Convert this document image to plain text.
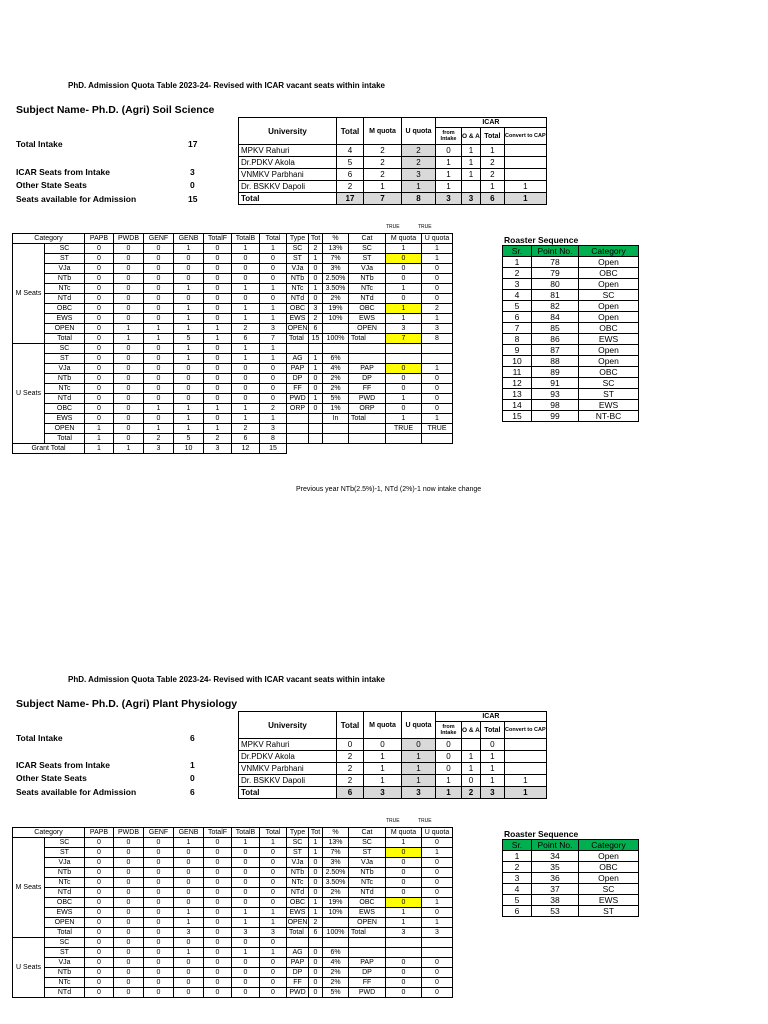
PhD. Admission Quota Table 2023-24- Revised with ICAR vacant seats within intake
Subject Name- Ph.D. (Agri) Soil Science
Total Intake	17
ICAR Seats from Intake	3
Other State Seats	0
Seats available for Admission	15
University	Total	M quota	U quota	ICAR			
				from Intake	O & A	Total	Convert to CAP
MPKV Rahuri	4	2	2	0	1	1	
Dr.PDKV Akola	5	2	2	1	1	2	
VNMKV Parbhani	6	2	3	1	1	2	
Dr. BSKKV Dapoli	2	1	1	1		1	1
Total	17	7	8	3	3	6	1
TRUE	TRUE
Category		PAPB	PWDB	GENF	GENB	TotalF	TotalB	Total	Type	Tot	%	Cat	M quota	U quota
M Seats	SC	0	0	0	1	0	1	1	SC	2	13%	SC	1	1
	ST	0	0	0	0	0	0	0	ST	1	7%	ST	0	1
	VJa	0	0	0	0	0	0	0	VJa	0	3%	VJa	0	0
	NTb	0	0	0	0	0	0	0	NTb	0	2.50%	NTb	0	0
	NTc	0	0	0	1	0	1	1	NTc	1	3.50%	NTc	1	0
	NTd	0	0	0	0	0	0	0	NTd	0	2%	NTd	0	0
	OBC	0	0	0	1	0	1	1	OBC	3	19%	OBC	1	2
	EWS	0	0	0	1	0	1	1	EWS	2	10%	EWS	1	1
	OPEN	0	1	1	1	1	2	3	OPEN	6		OPEN	3	3
	Total	0	1	1	5	1	6	7	Total	15	100%	Total	7	8
U Seats	SC	0	0	0	1	0	1	1						
	ST	0	0	0	1	0	1	1	AG	1	6%			
	VJa	0	0	0	0	0	0	0	PAP	1	4%	PAP	0	1
	NTb	0	0	0	0	0	0	0	DP	0	2%	DP	0	0
	NTc	0	0	0	0	0	0	0	FF	0	2%	FF	0	0
	NTd	0	0	0	0	0	0	0	PWD	1	5%	PWD	1	0
	OBC	0	0	1	1	1	1	2	ORP	0	1%	ORP	0	0
	EWS	0	0	0	1	0	1	1			In	Total	1	1
	OPEN	1	0	1	1	1	2	3					TRUE	TRUE
	Total	1	0	2	5	2	6	8						
Grant Total		1	1	3	10	3	12	15						
Previous year NTb(2.5%)-1, NTd (2%)-1 now intake change
Roaster Sequence
Sr.	Point No.	Category
1	78	Open
2	79	OBC
3	80	Open
4	81	SC
5	82	Open
6	84	Open
7	85	OBC
8	86	EWS
9	87	Open
10	88	Open
11	89	OBC
12	91	SC
13	93	ST
14	98	EWS
15	99	NT-BC
PhD. Admission Quota Table 2023-24- Revised with ICAR vacant seats within intake
Subject Name- Ph.D. (Agri) Plant Physiology
Total Intake	6
ICAR Seats from Intake	1
Other State Seats	0
Seats available for Admission	6
University	Total	M quota	U quota	ICAR			
				from Intake	O & A	Total	Convert to CAP
MPKV Rahuri	0	0	0	0		0	
Dr.PDKV Akola	2	1	1	0	1	1	
VNMKV Parbhani	2	1	1	0	1	1	
Dr. BSKKV Dapoli	2	1	1	1	0	1	1
Total	6	3	3	1	2	3	1
TRUE	TRUE
Category		PAPB	PWDB	GENF	GENB	TotalF	TotalB	Total	Type	Tot	%	Cat	M quota	U quota
M Seats	SC	0	0	0	1	0	1	1	SC	1	13%	SC	1	0
	ST	0	0	0	0	0	0	0	ST	1	7%	ST	0	1
	VJa	0	0	0	0	0	0	0	VJa	0	3%	VJa	0	0
	NTb	0	0	0	0	0	0	0	NTb	0	2.50%	NTb	0	0
	NTc	0	0	0	0	0	0	0	NTc	0	3.50%	NTc	0	0
	NTd	0	0	0	0	0	0	0	NTd	0	2%	NTd	0	0
	OBC	0	0	0	0	0	0	0	OBC	1	19%	OBC	0	1
	EWS	0	0	0	1	0	1	1	EWS	1	10%	EWS	1	0
	OPEN	0	0	0	1	0	1	1	OPEN	2		OPEN	1	1
	Total	0	0	0	3	0	3	3	Total	6	100%	Total	3	3
U Seats	SC	0	0	0	0	0	0	0						
	ST	0	0	0	1	0	1	1	AG	0	6%			
	VJa	0	0	0	0	0	0	0	PAP	0	4%	PAP	0	0
	NTb	0	0	0	0	0	0	0	DP	0	2%	DP	0	0
	NTc	0	0	0	0	0	0	0	FF	0	2%	FF	0	0
	NTd	0	0	0	0	0	0	0	PWD	0	5%	PWD	0	0
Roaster Sequence
Sr.	Point No.	Category
1	34	Open
2	35	OBC
3	36	Open
4	37	SC
5	38	EWS
6	53	ST
